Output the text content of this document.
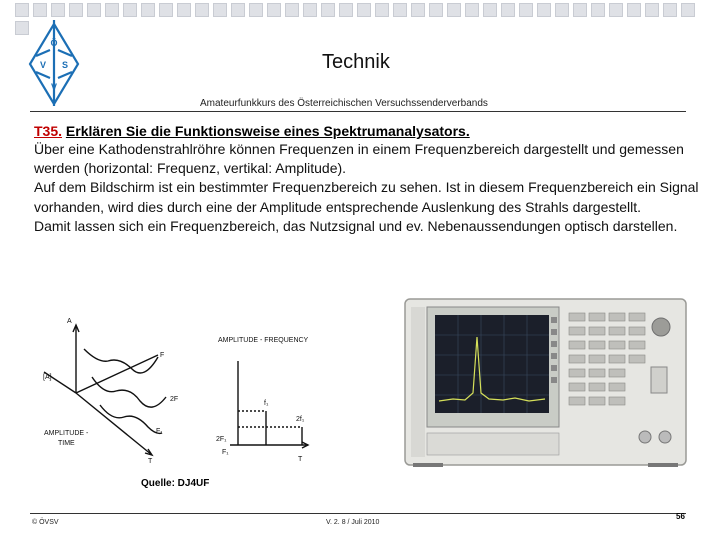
Ö
V S
V
Technik
Amateurfunkkurs des Österreichischen Versuchssenderverbands
T35. Erklären Sie die Funktionsweise eines Spektrumanalysators.

Über eine Kathodenstrahlröhre können Frequenzen in einem Frequenzbereich dargestellt und gemessen werden (horizontal: Frequenz, vertikal: Amplitude).

Auf dem Bildschirm ist ein bestimmter Frequenzbereich zu sehen. Ist in diesem Frequenzbereich ein Signal vorhanden, wird dies durch eine der Amplitude entsprechende Auslenkung des Strahls dargestellt.

Damit lassen sich ein Frequenzbereich, das Nutzsignal und ev. Nebenaussendungen optisch darstellen.

A
[A]
AMPLITUDE -
TIME
F
2F
F₁
T
AMPLITUDE - FREQUENCY
f₁
2f₁
2F₁
F₁
T
Quelle: DJ4UF
© ÖVSV	V. 2. 8 / Juli 2010
56
